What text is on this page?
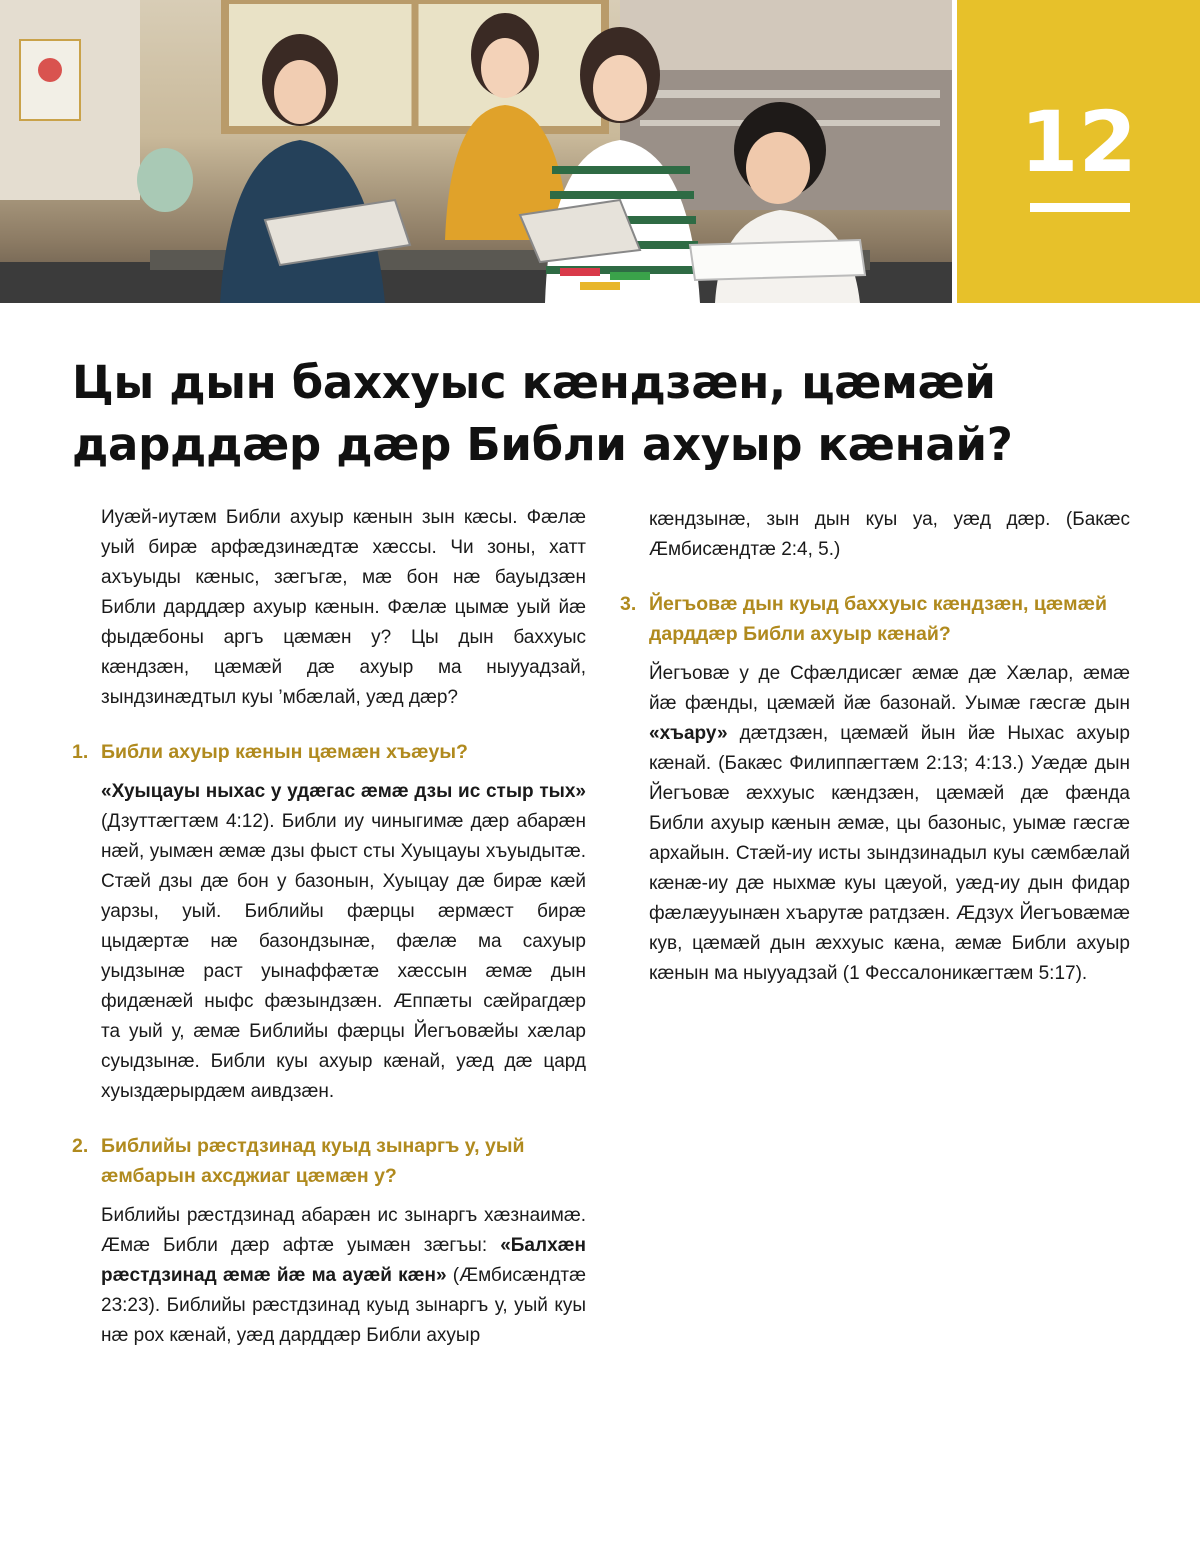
12
Цы дын баххуыс кæндзæн, цæмæй дарддæр дæр Библи ахуыр кæнай?

Иуæй-иутæм Библи ахуыр кæнын зын кæсы. Фæлæ уый бирæ арфæдзинæдтæ хæссы. Чи зоны, хатт ахъуыды кæныс, зæгъгæ, мæ бон нæ бауыдзæн Библи дарддæр ахуыр кæнын. Фæлæ цымæ уый йæ фыдæбоны аргъ цæмæн у? Цы дын баххуыс кæндзæн, цæмæй дæ ахуыр ма ныууадзай, зындзинæдтыл куы ’мбæлай, уæд дæр?

1. Библи ахуыр кæнын цæмæн хъæуы?

«Хуыцауы ныхас у удæгас æмæ дзы ис стыр тых» (Дзуттæгтæм 4:12). Библи иу чиныгимæ дæр абарæн нæй, уымæн æмæ дзы фыст сты Хуыцауы хъуыдытæ. Стæй дзы дæ бон у базонын, Хуыцау дæ бирæ кæй уарзы, уый. Библийы фæрцы æрмæст бирæ цыдæртæ нæ базондзынæ, фæлæ ма сахуыр уыдзынæ раст уынаффæтæ хæссын æмæ дын фидæнæй ныфс фæзындзæн. Æппæты сæйрагдæр та уый у, æмæ Библийы фæрцы Йегъовæйы хæлар суыдзынæ. Библи куы ахуыр кæнай, уæд дæ цард хуыздæрырдæм аивдзæн.

2. Библийы рæстдзинад куыд зынаргъ у, уый æмбарын ахсджиаг цæмæн у?

Библийы рæстдзинад абарæн ис зынаргъ хæзнаимæ. Æмæ Библи дæр афтæ уымæн зæгъы: «Балхæн рæстдзинад æмæ йæ ма ауæй кæн» (Æмбисæндтæ 23:23). Библийы рæстдзинад куыд зынаргъ у, уый куы нæ рох кæнай, уæд дарддæр Библи ахуыр

кæндзынæ, зын дын куы уа, уæд дæр. (Бакæс Æмбисæндтæ 2:4, 5.)

3. Йегъовæ дын куыд баххуыс кæндзæн, цæмæй дарддæр Библи ахуыр кæнай?

Йегъовæ у де Сфæлдисæг æмæ дæ Хæлар, æмæ йæ фæнды, цæмæй йæ базонай. Уымæ гæсгæ дын «хъару» дæтдзæн, цæмæй йын йæ Ныхас ахуыр кæнай. (Бакæс Филиппæгтæм 2:13; 4:13.) Уæдæ дын Йегъовæ æххуыс кæндзæн, цæмæй дæ фæнда Библи ахуыр кæнын æмæ, цы базоныс, уымæ гæсгæ архайын. Стæй-иу исты зындзинадыл куы сæмбæлай кæнæ-иу дæ ныхмæ куы цæуой, уæд-иу дын фидар фæлæууынæн хъарутæ ратдзæн. Æдзух Йегъовæмæ кув, цæмæй дын æххуыс кæна, æмæ Библи ахуыр кæнын ма ныууадзай (1 Фессалоникæгтæм 5:17).
